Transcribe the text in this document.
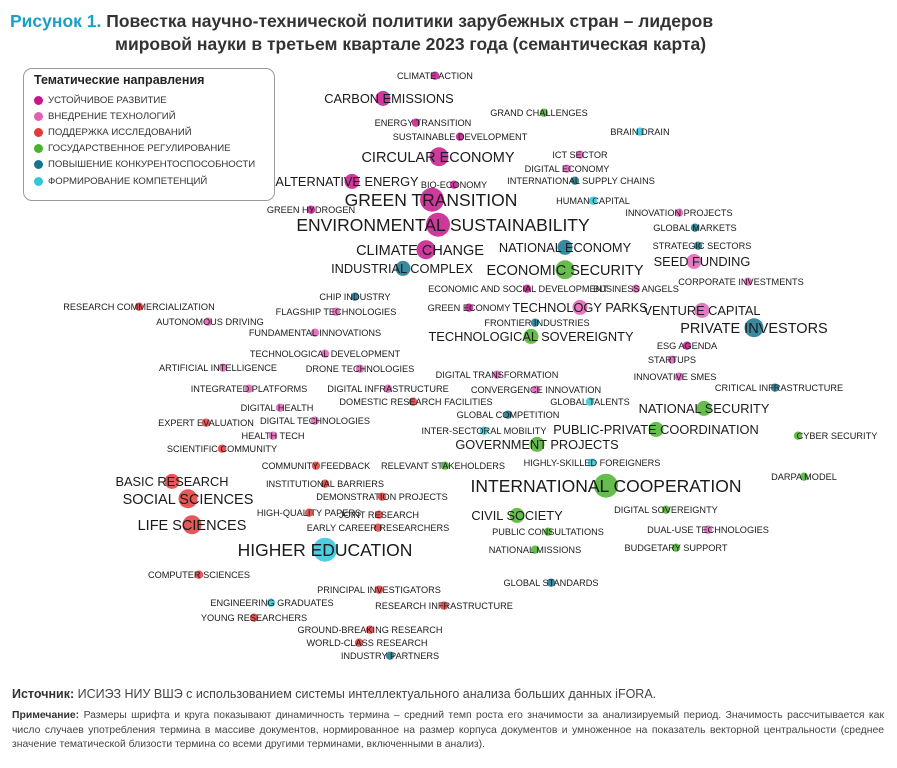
Рисунок 1. Повестка научно-технической политики зарубежных стран – лидеров
мировой науки в третьем квартале 2023 года (семантическая карта)
CLIMATE ACTION
CARBON EMISSIONS
GRAND CHALLENGES
ENERGY TRANSITION
BRAIN DRAIN
SUSTAINABLE DEVELOPMENT
ICT SECTOR
CIRCULAR ECONOMY
DIGITAL ECONOMY
ALTERNATIVE ENERGY BIO-ECONOMY INTERNATIONAL SUPPLY CHAINS
HUMAN CAPITAL
GREEN TRANSITION
INNOVATION PROJECTS
GREEN HYDROGEN
ENVIRONMENTAL SUSTAINABILITY	GLOBAL MARKETS
STRATEGIC SECTORS
CLIMATE CHANGE NATIONAL ECONOMY
SEED FUNDING
INDUSTRIAL COMPLEX ECONOMIC SECURITY
CORPORATE INVESTMENTS
ECONOMIC AND SOCIAL DEVELOPMENT
BUSINESS ANGELS
CHIP INDUSTRY
RESEARCH COMMERCIALIZATION	FLAGSHIP TECHNOLOGIES	GREEN ECONOMY TECHNOLOGY PARKS
VENTURE CAPITAL
AUTONOMOUS DRIVING	FRONTIER INDUSTRIES	PRIVATE INVESTORS
FUNDAMENTAL INNOVATIONS	TECHNOLOGICAL SOVEREIGNTY
ESG AGENDA
TECHNOLOGICAL DEVELOPMENT
STARTUPS
ARTIFICIAL INTELLIGENCE	DRONE TECHNOLOGIES
DIGITAL TRANSFORMATION	INNOVATIVE SMES
INTEGRATED PLATFORMS DIGITAL INFRASTRUCTURE CONVERGENCE INNOVATION	CRITICAL INFRASTRUCTURE
DOMESTIC RESEARCH FACILITIES	GLOBAL TALENTS
DIGITAL HEALTH	NATIONAL SECURITY
GLOBAL COMPETITION
EXPERT EVALUATION DIGITAL TECHNOLOGIES
INTER-SECTORAL MOBILITY PUBLIC-PRIVATE COORDINATION
HEALTH TECH	CYBER SECURITY
GOVERNMENT PROJECTS
SCIENTIFIC COMMUNITY
HIGHLY-SKILLED FOREIGNERS
COMMUNITY FEEDBACK RELEVANT STAKEHOLDERS
DARPA MODEL
BASIC RESEARCH	INSTITUTIONAL BARRIERS	INTERNATIONAL COOPERATION
SOCIAL SCIENCES	DEMONSTRATION PROJECTS
DIGITAL SOVEREIGNTY
HIGH-QUALITY PAPERS
JOINT RESEARCH	CIVIL SOCIETY
LIFE SCIENCES	EARLY CAREER RESEARCHERS	PUBLIC CONSULTATIONS	DUAL-USE TECHNOLOGIES
BUDGETARY SUPPORT
HIGHER EDUCATION	NATIONAL MISSIONS
COMPUTER SCIENCES
GLOBAL STANDARDS
PRINCIPAL INVESTIGATORS
ENGINEERING GRADUATES	RESEARCH INFRASTRUCTURE
YOUNG RESEARCHERS
GROUND-BREAKING RESEARCH
WORLD-CLASS RESEARCH
INDUSTRY PARTNERS
Тематические направления
УСТОЙЧИВОЕ РАЗВИТИЕ
ВНЕДРЕНИЕ ТЕХНОЛОГИЙ
ПОДДЕРЖКА ИССЛЕДОВАНИЙ
ГОСУДАРСТВЕННОЕ РЕГУЛИРОВАНИЕ
ПОВЫШЕНИЕ КОНКУРЕНТОСПОСОБНОСТИ
ФОРМИРОВАНИЕ КОМПЕТЕНЦИЙ
Источник: ИСИЭЗ НИУ ВШЭ с использованием системы интеллектуального анализа больших данных iFORA.
Примечание: Размеры шрифта и круга показывают динамичность термина – средний темп роста его значимости за анализируемый период. Значимость рассчитывается как число случаев употребления термина в массиве документов, нормированное на размер корпуса документов и умноженное на показатель векторной центральности (среднее значение тематической близости термина со всеми другими терминами, включенными в анализ).
